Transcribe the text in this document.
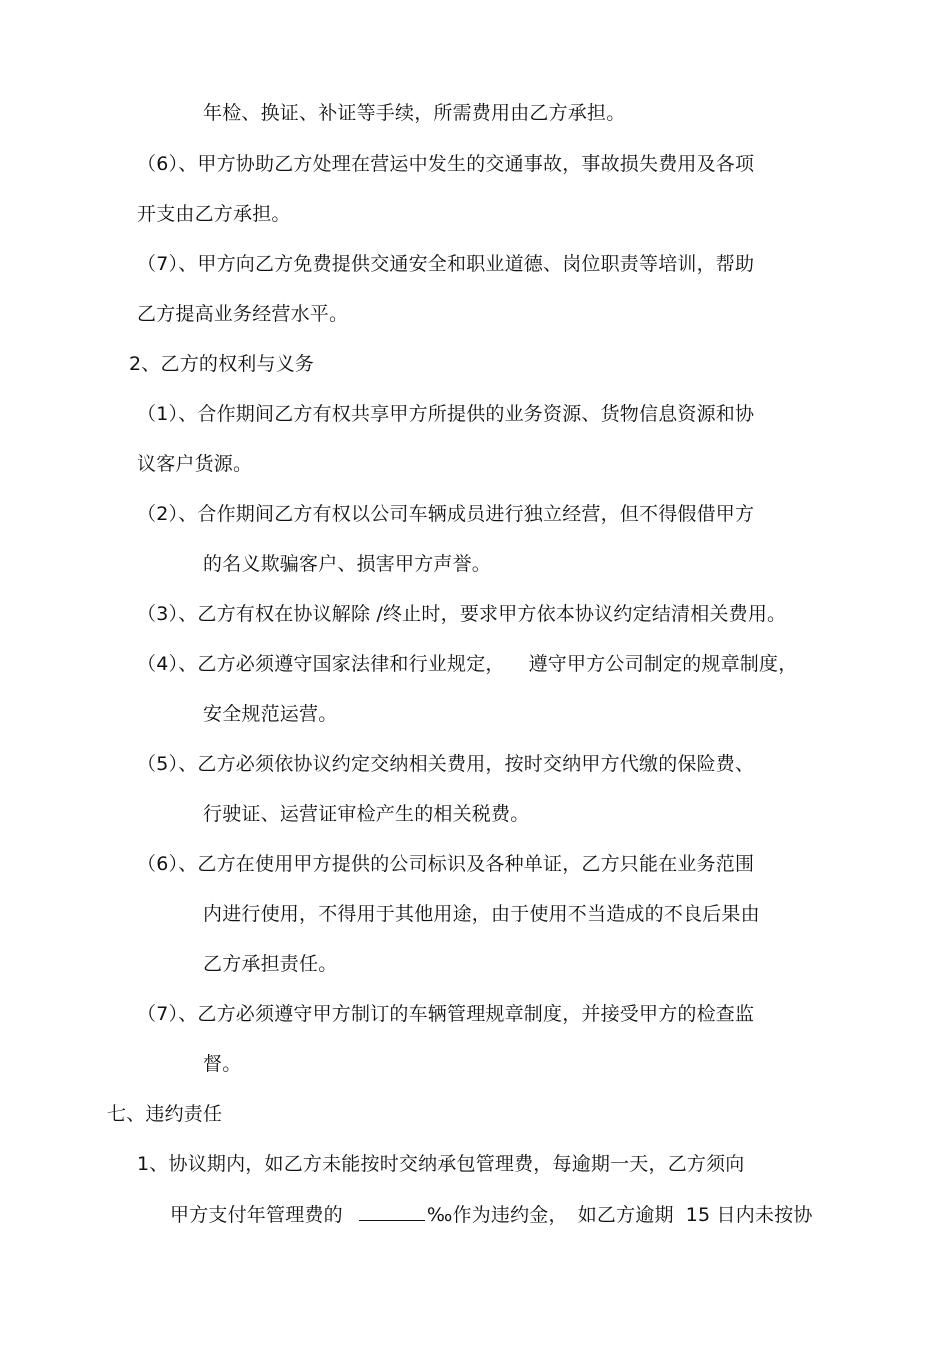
年检、换证、补证等手续，所需费用由乙方承担。
（6）、甲方协助乙方处理在营运中发生的交通事故，事故损失费用及各项
开支由乙方承担。
（7）、甲方向乙方免费提供交通安全和职业道德、岗位职责等培训，帮助
乙方提高业务经营水平。
2、乙方的权利与义务
（1）、合作期间乙方有权共享甲方所提供的业务资源、货物信息资源和协
议客户货源。
（2）、合作期间乙方有权以公司车辆成员进行独立经营，但不得假借甲方
的名义欺骗客户、损害甲方声誉。
（3）、乙方有权在协议解除 /终止时，要求甲方依本协议约定结清相关费用。
（4）、乙方必须遵守国家法律和行业规定， 遵守甲方公司制定的规章制度，
安全规范运营。
（5）、乙方必须依协议约定交纳相关费用，按时交纳甲方代缴的保险费、
行驶证、运营证审检产生的相关税费。
（6）、乙方在使用甲方提供的公司标识及各种单证，乙方只能在业务范围
内进行使用，不得用于其他用途，由于使用不当造成的不良后果由
乙方承担责任。
（7）、乙方必须遵守甲方制订的车辆管理规章制度，并接受甲方的检查监
督。
七、违约责任
1、协议期内，如乙方未能按时交纳承包管理费，每逾期一天，乙方须向
甲方支付年管理费的	‰作为违约金， 如乙方逾期 15 日内未按协
